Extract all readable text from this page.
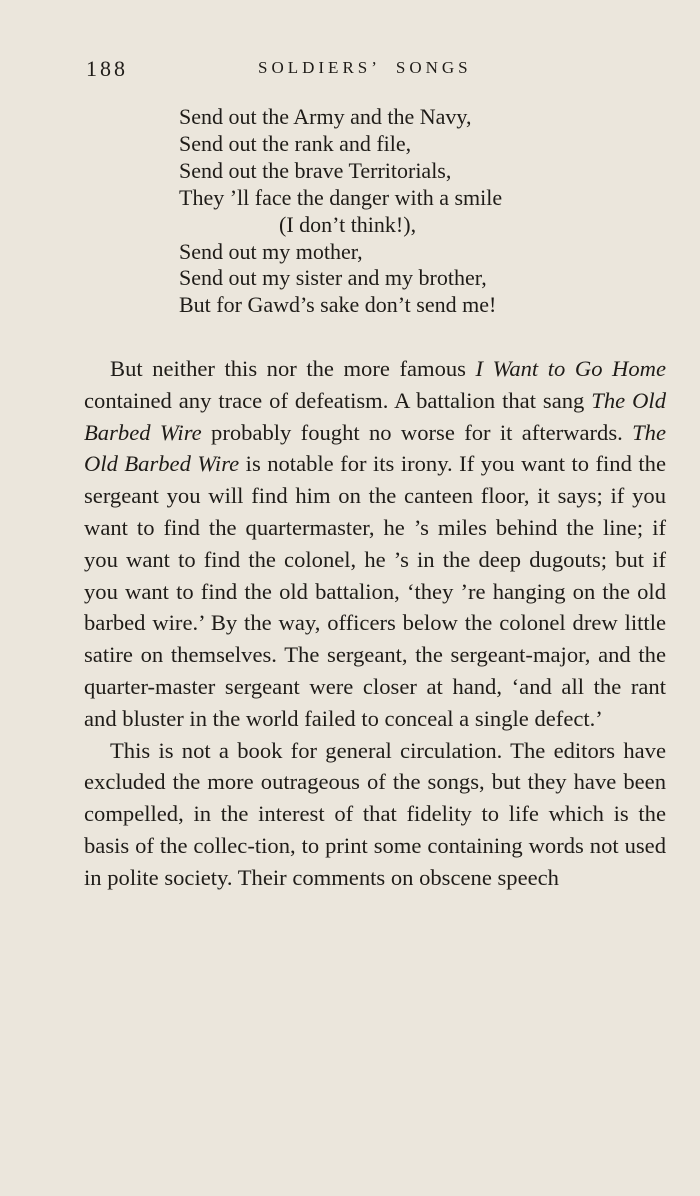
188	SOLDIERS’ SONGS
Send out the Army and the Navy,
Send out the rank and file,
Send out the brave Territorials,
They ’ll face the danger with a smile
(I don’t think!),
Send out my mother,
Send out my sister and my brother,
But for Gawd’s sake don’t send me!

But neither this nor the more famous I Want to Go Home contained any trace of defeatism. A battalion that sang The Old Barbed Wire probably fought no worse for it afterwards. The Old Barbed Wire is notable for its irony. If you want to find the sergeant you will find him on the canteen floor, it says; if you want to find the quartermaster, he ’s miles behind the line; if you want to find the colonel, he ’s in the deep dugouts; but if you want to find the old battalion, ‘they ’re hanging on the old barbed wire.’ By the way, officers below the colonel drew little satire on themselves. The sergeant, the sergeant-major, and the quarter-master sergeant were closer at hand, ‘and all the rant and bluster in the world failed to conceal a single defect.’

This is not a book for general circulation. The editors have excluded the more outrageous of the songs, but they have been compelled, in the interest of that fidelity to life which is the basis of the collec-tion, to print some containing words not used in polite society. Their comments on obscene speech
